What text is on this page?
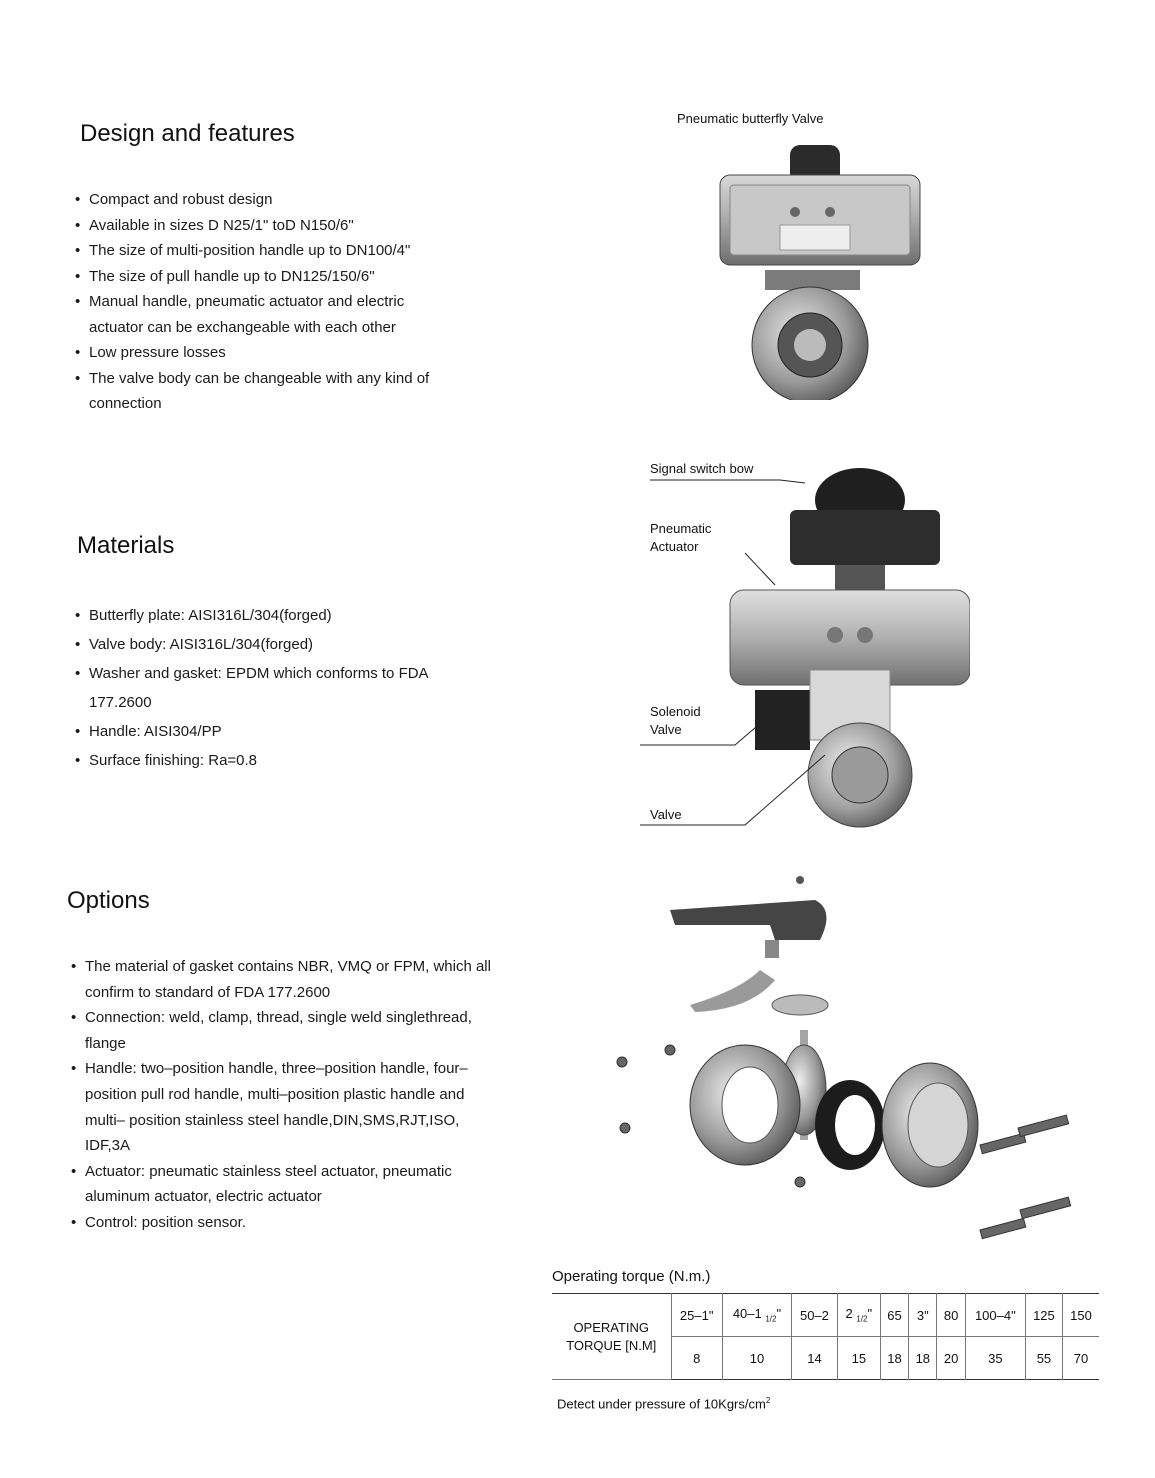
Design and features
• Compact and robust design
• Available in sizes D N25/1" toD N150/6"
• The size of multi-position handle up to DN100/4"
• The size of pull handle up to DN125/150/6"
• Manual handle, pneumatic actuator and electric actuator can be exchangeable with each other
• Low pressure losses
• The valve body can be changeable with any kind of connection
Materials
• Butterfly plate: AISI316L/304(forged)
• Valve body: AISI316L/304(forged)
• Washer and gasket: EPDM which conforms to FDA 177.2600
• Handle: AISI304/PP
• Surface finishing: Ra=0.8
Options
• The material of gasket contains NBR, VMQ or FPM, which all confirm to standard of FDA 177.2600
• Connection: weld, clamp, thread, single weld singlethread, flange
• Handle: two–position handle, three–position handle, four–position pull rod handle, multi–position plastic handle and multi– position stainless steel handle,DIN,SMS,RJT,ISO, IDF,3A
• Actuator: pneumatic stainless steel actuator, pneumatic aluminum actuator, electric actuator
• Control: position sensor.
Pneumatic butterfly Valve
Signal switch bow
Pneumatic
Actuator
Solenoid
Valve
Valve
Operating torque (N.m.)
OPERATING
TORQUE [N.M]	25–1"	40–1 $_{1/2}$"	50–2	2 $_{1/2}$"	65	3"	80	100–4"	125	150
	8	10	14	15	18	18	20	35	55	70
Detect under pressure of $10Kgrs/cm^2$
